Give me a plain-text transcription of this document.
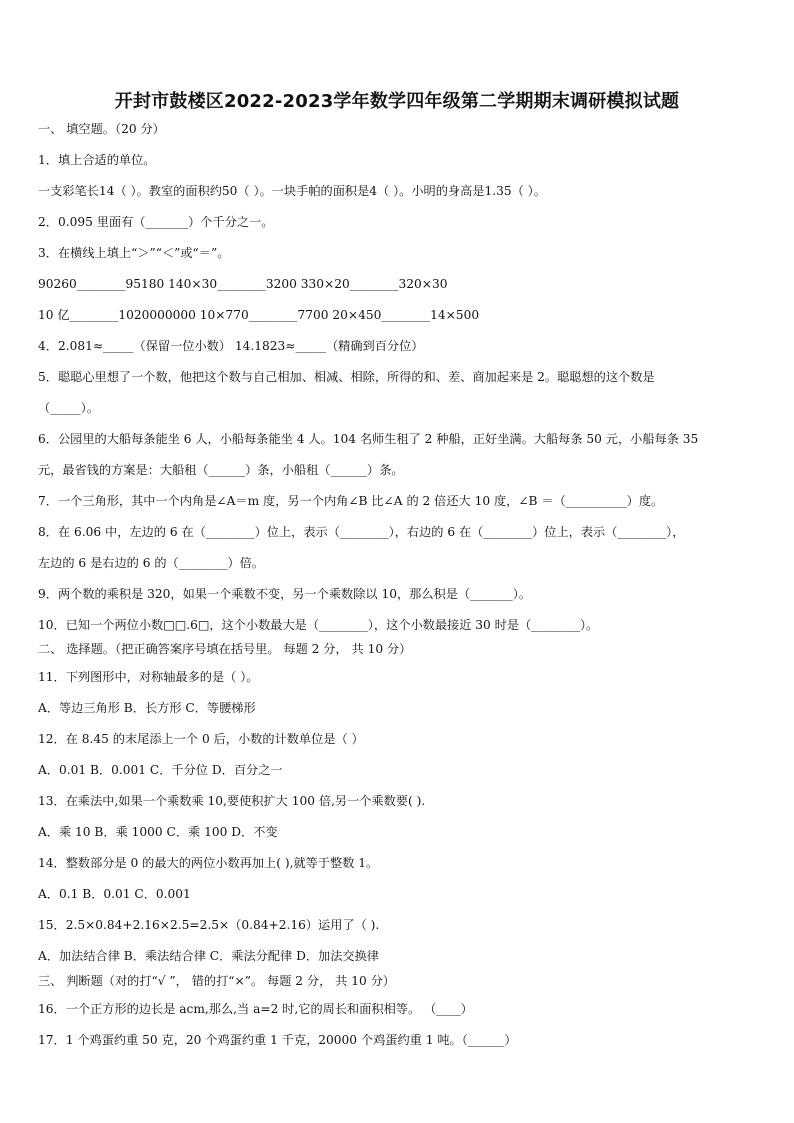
开封市鼓楼区2022-2023学年数学四年级第二学期期末调研模拟试题
一、 填空题。（20 分）
1．填上合适的单位。
一支彩笔长14（ ）。教室的面积约50（ ）。一块手帕的面积是4（ ）。小明的身高是1.35（ ）。
2．0.095 里面有（_______）个千分之一。
3．在横线上填上“＞”“＜”或“＝”。
90260________95180 140×30________3200 330×20________320×30
10 亿________1020000000 10×770________7700 20×450________14×500
4．2.081≈_____（保留一位小数） 14.1823≈_____（精确到百分位）
5．聪聪心里想了一个数，他把这个数与自己相加、相减、相除，所得的和、差、商加起来是 2。聪聪想的这个数是
（_____）。
6．公园里的大船每条能坐 6 人，小船每条能坐 4 人。104 名师生租了 2 种船，正好坐满。大船每条 50 元，小船每条 35
元，最省钱的方案是：大船租（______）条，小船租（______）条。
7．一个三角形，其中一个内角是∠A＝m 度，另一个内角∠B 比∠A 的 2 倍还大 10 度，∠B ＝（__________）度。
8．在 6.06 中，左边的 6 在（________）位上，表示（________），右边的 6 在（________）位上，表示（________），
左边的 6 是右边的 6 的（________）倍。
9．两个数的乘积是 320，如果一个乘数不变，另一个乘数除以 10，那么积是（_______）。
10．已知一个两位小数□□.6□，这个小数最大是（________），这个小数最接近 30 时是（________）。
二、 选择题。（把正确答案序号填在括号里。 每题 2 分， 共 10 分）
11．下列图形中，对称轴最多的是（ ）。
A．等边三角形 B．长方形 C．等腰梯形
12．在 8.45 的末尾添上一个 0 后，小数的计数单位是（ ）
A．0.01 B．0.001 C．千分位 D．百分之一
13．在乘法中,如果一个乘数乘 10,要使积扩大 100 倍,另一个乘数要( ).
A．乘 10 B．乘 1000 C．乘 100 D．不变
14．整数部分是 0 的最大的两位小数再加上( ),就等于整数 1。
A．0.1 B．0.01 C．0.001
15．2.5×0.84+2.16×2.5=2.5×（0.84+2.16）运用了（ ).
A．加法结合律 B．乘法结合律 C．乘法分配律 D．加法交换律
三、 判断题（对的打“√ ”， 错的打“×”。 每题 2 分， 共 10 分）
16．一个正方形的边长是 acm,那么,当 a=2 时,它的周长和面积相等。 （____）
17．1 个鸡蛋约重 50 克，20 个鸡蛋约重 1 千克，20000 个鸡蛋约重 1 吨。（______）
